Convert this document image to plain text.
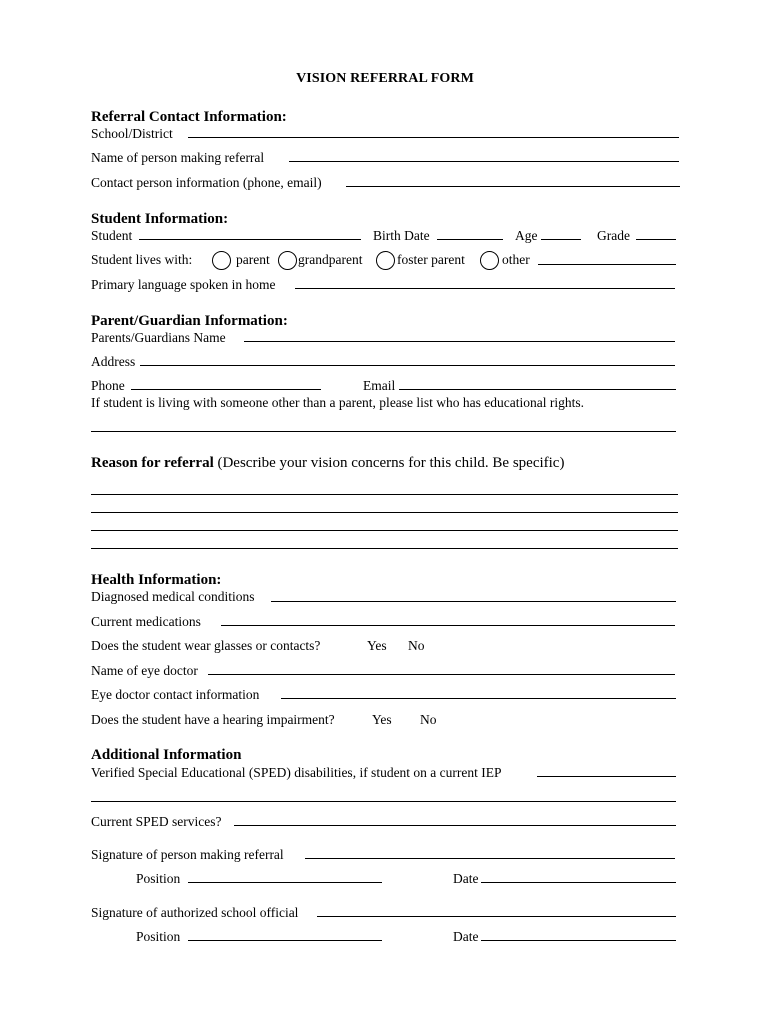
VISION REFERRAL FORM
Referral Contact Information:
School/District
Name of person making referral
Contact person information (phone, email)
Student Information:
Student	Birth Date	Age	Grade
Student lives with:	parent grandparent	foster parent	other
Primary language spoken in home
Parent/Guardian Information:
Parents/Guardians Name
Address
Phone	Email
If student is living with someone other than a parent, please list who has educational rights.
Reason for referral (Describe your vision concerns for this child. Be specific)
Health Information:
Diagnosed medical conditions
Current medications
Does the student wear glasses or contacts?	Yes No
Name of eye doctor
Eye doctor contact information
Does the student have a hearing impairment?	Yes No
Additional Information
Verified Special Educational (SPED) disabilities, if student on a current IEP
Current SPED services?
Signature of person making referral
Position	Date
Signature of authorized school official
Position	Date
